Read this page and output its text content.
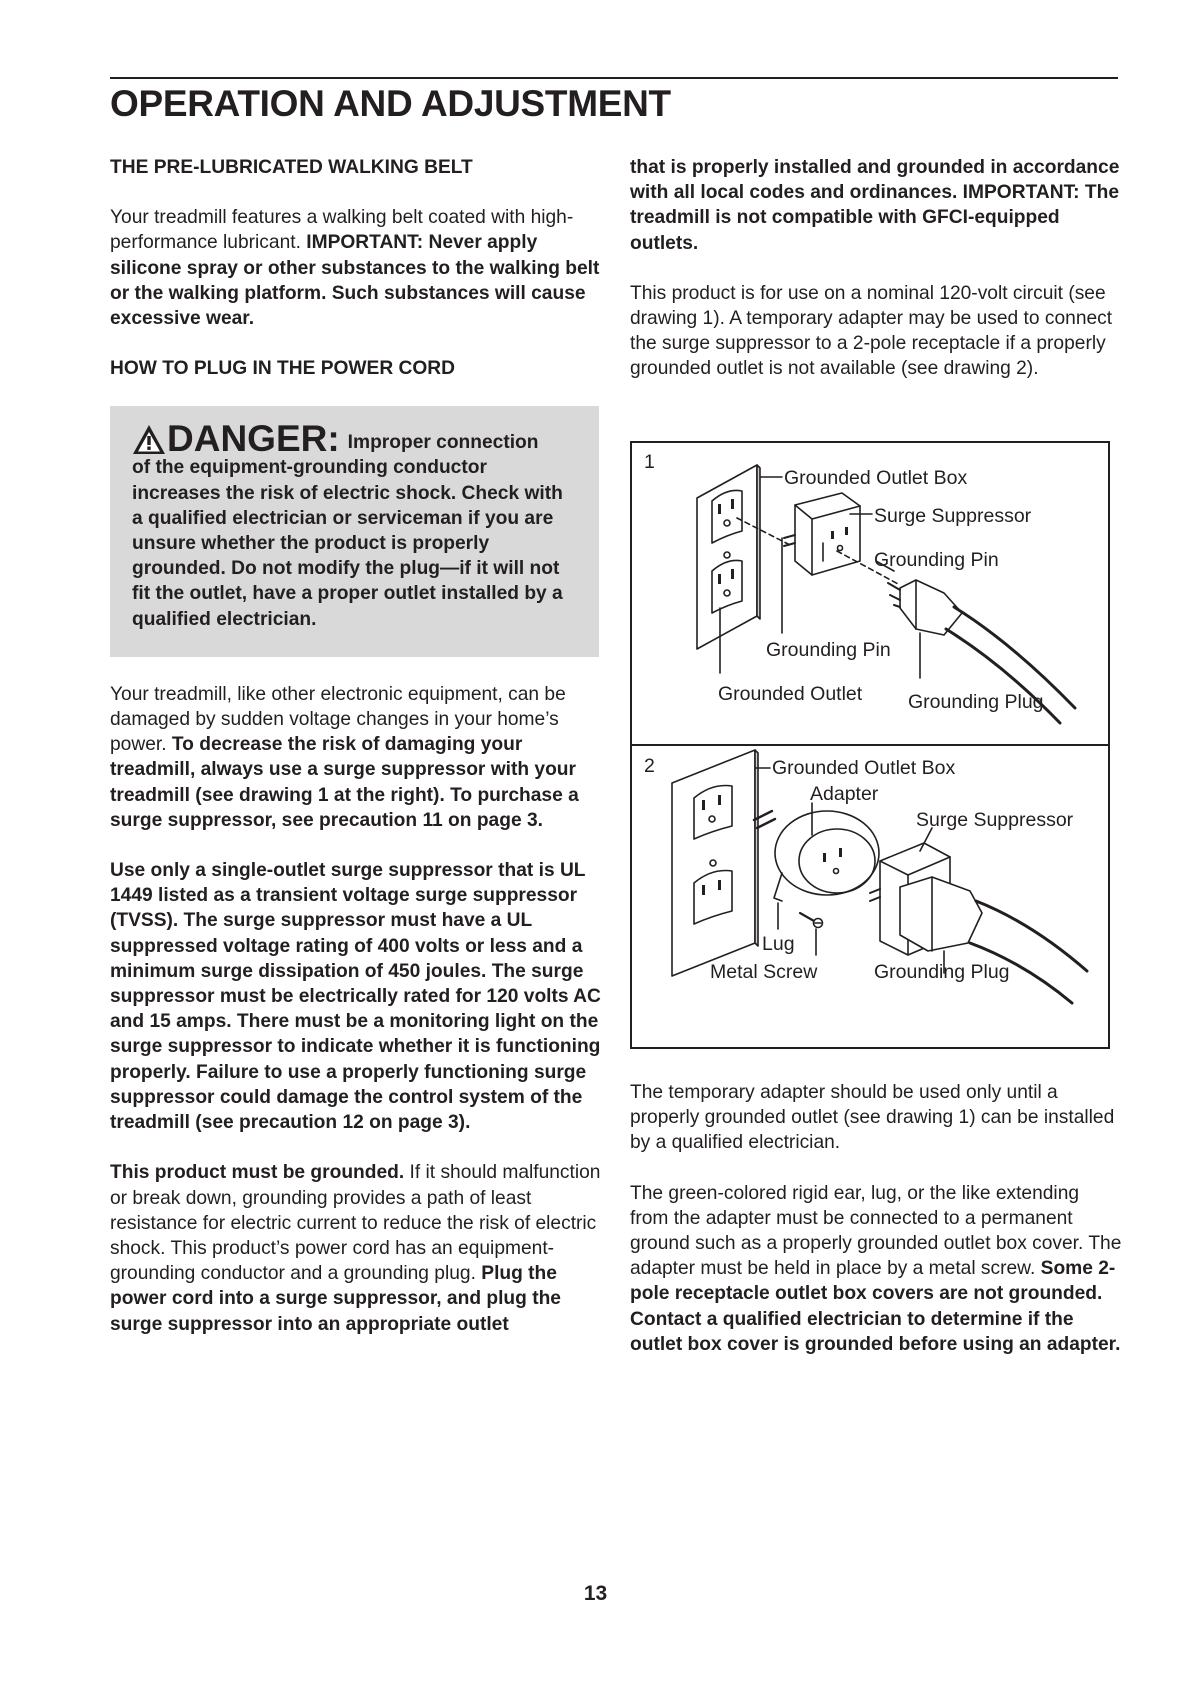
OPERATION AND ADJUSTMENT
THE PRE-LUBRICATED WALKING BELT

Your treadmill features a walking belt coated with high-performance lubricant. IMPORTANT: Never apply silicone spray or other substances to the walking belt or the walking platform. Such substances will cause excessive wear.

HOW TO PLUG IN THE POWER CORD
DANGER: Improper connection
of the equipment-grounding conductor increases the risk of electric shock. Check with a qualified electrician or serviceman if you are unsure whether the product is properly grounded. Do not modify the plug—if it will not fit the outlet, have a proper outlet installed by a qualified electrician.

Your treadmill, like other electronic equipment, can be damaged by sudden voltage changes in your home’s power. To decrease the risk of damaging your treadmill, always use a surge suppressor with your treadmill (see drawing 1 at the right). To purchase a surge suppressor, see precaution 11 on page 3.

Use only a single-outlet surge suppressor that is UL 1449 listed as a transient voltage surge suppressor (TVSS). The surge suppressor must have a UL suppressed voltage rating of 400 volts or less and a minimum surge dissipation of 450 joules. The surge suppressor must be electrically rated for 120 volts AC and 15 amps. There must be a monitoring light on the surge suppressor to indicate whether it is functioning properly. Failure to use a properly functioning surge suppressor could damage the control system of the treadmill (see precaution 12 on page 3).

This product must be grounded. If it should malfunction or break down, grounding provides a path of least resistance for electric current to reduce the risk of electric shock. This product’s power cord has an equipment-grounding conductor and a grounding plug. Plug the power cord into a surge suppressor, and plug the surge suppressor into an appropriate outlet

that is properly installed and grounded in accordance with all local codes and ordinances. IMPORTANT: The treadmill is not compatible with GFCI-equipped outlets.

This product is for use on a nominal 120-volt circuit (see drawing 1). A temporary adapter may be used to connect the surge suppressor to a 2-pole receptacle if a properly grounded outlet is not available (see drawing 2).

1
Grounded Outlet Box
Surge Suppressor
Grounding Pin
Grounding Pin
Grounded Outlet Grounding Plug
2	Grounded Outlet Box
Adapter
Surge Suppressor
Lug
Metal Screw	Grounding Plug

The temporary adapter should be used only until a properly grounded outlet (see drawing 1) can be installed by a qualified electrician.

The green-colored rigid ear, lug, or the like extending from the adapter must be connected to a permanent ground such as a properly grounded outlet box cover. The adapter must be held in place by a metal screw. Some 2-pole receptacle outlet box covers are not grounded. Contact a qualified electrician to determine if the outlet box cover is grounded before using an adapter.

13
